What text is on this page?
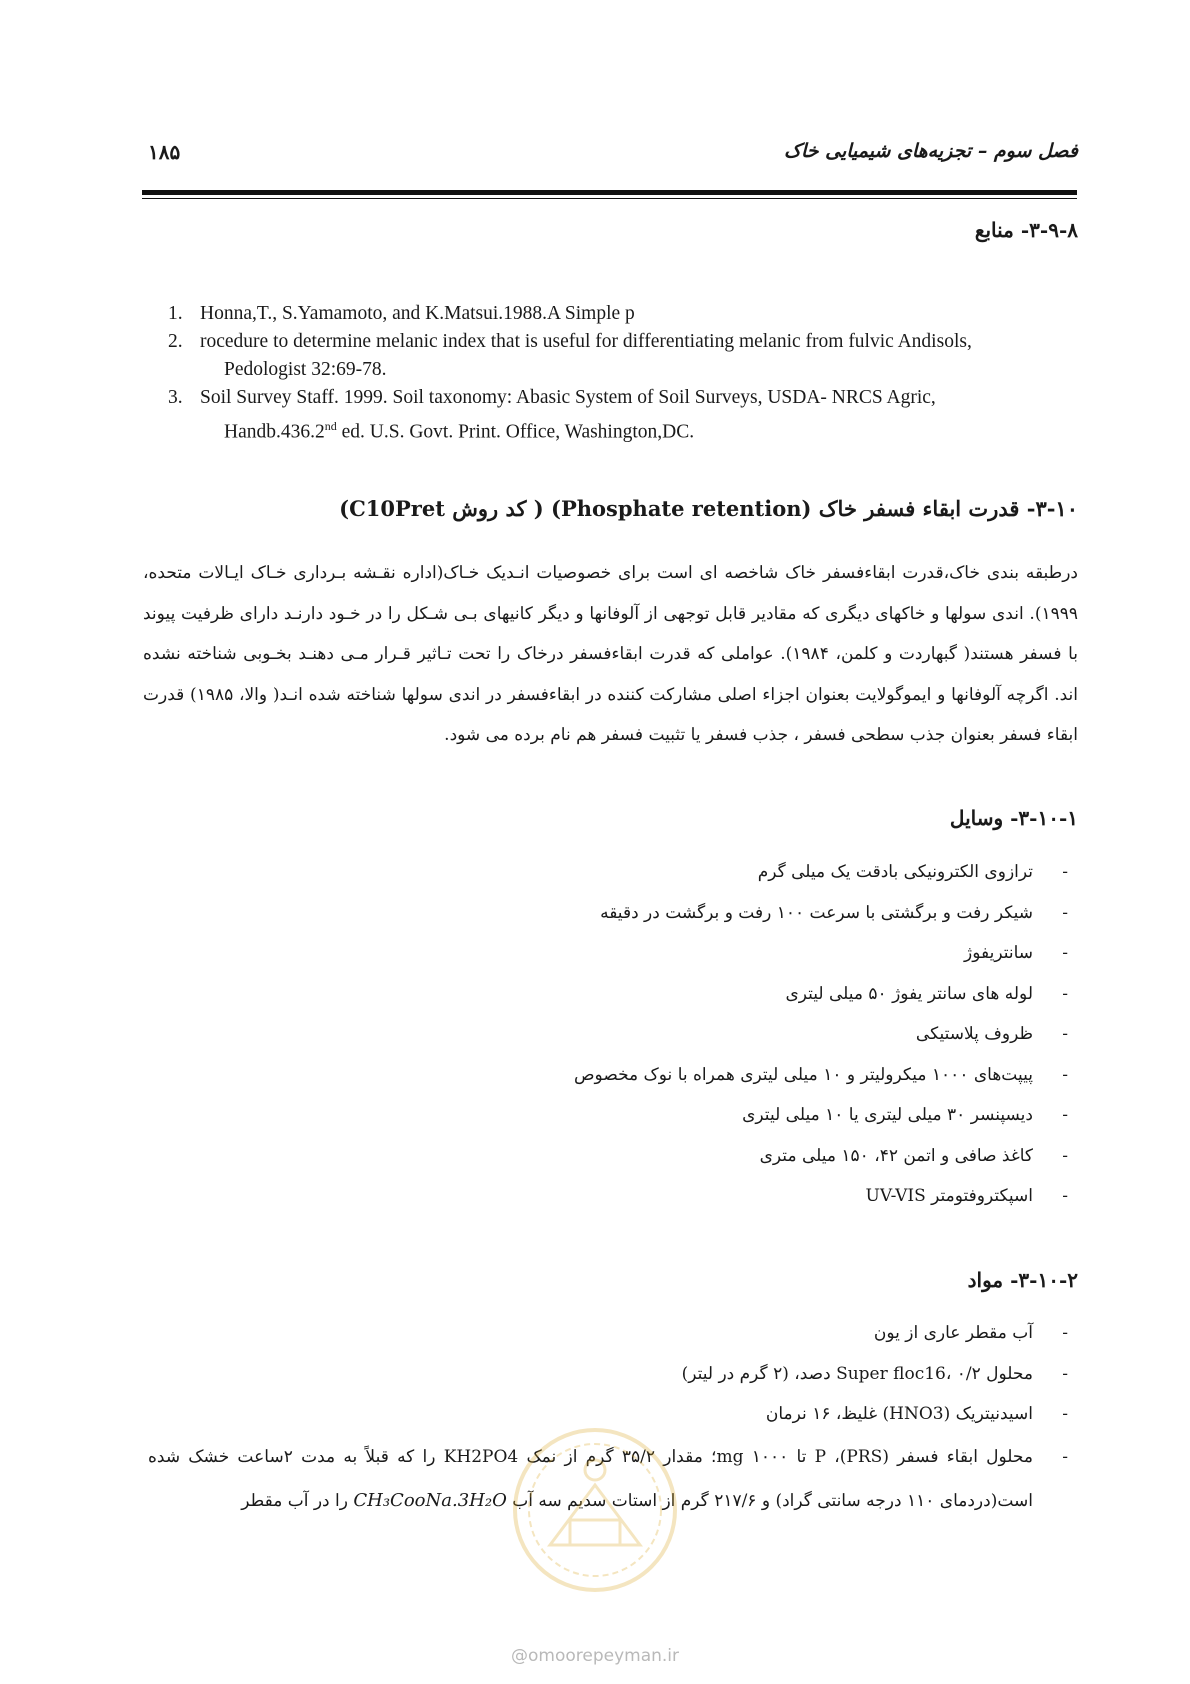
فصل سوم – تجزیه‌های شیمیایی خاک
۱۸۵
۳-۹-۸- منابع
1. Honna,T., S.Yamamoto, and K.Matsui.1988.A Simple p
2. rocedure to determine melanic index that is useful for differentiating melanic from fulvic Andisols,
Pedologist 32:69-78.
3. Soil Survey Staff. 1999. Soil taxonomy: Abasic System of Soil Surveys, USDA- NRCS Agric,
Handb.436.2nd ed. U.S. Govt. Print. Office, Washington,DC.
۳-۱۰- قدرت ابقاء فسفر خاک (Phosphate retention) ( کد روش C10Pret)

درطبقه بندی خاک،قدرت ابقاءفسفر خاک شاخصه ای است برای خصوصیات انـدیک خـاک(اداره نقـشه بـرداری خـاک ایـالات متحده، ۱۹۹۹). اندی سولها و خاکهای دیگری که مقادیر قابل توجهی از آلوفانها و دیگر کانیهای بـی شـکل را در خـود دارنـد دارای ظرفیت پیوند با فسفر هستند( گبهاردت و کلمن، ۱۹۸۴). عواملی که قدرت ابقاءفسفر درخاک را تحت تـاثیر قـرار مـی دهنـد بخـوبی شناخته نشده اند. اگرچه آلوفانها و ایموگولایت بعنوان اجزاء اصلی مشارکت کننده در ابقاءفسفر در اندی سولها شناخته شده انـد( والا، ۱۹۸۵) قدرت ابقاء فسفر بعنوان جذب سطحی فسفر ، جذب فسفر یا تثبیت فسفر هم نام برده می شود.

۳-۱۰-۱- وسایل
-
ترازوی الکترونیکی بادقت یک میلی گرم
-
شیکر رفت و برگشتی با سرعت ۱۰۰ رفت و برگشت در دقیقه
-
سانتریفوژ
-
لوله های سانتر یفوژ ۵۰ میلی لیتری
-
ظروف پلاستیکی
-
پیپت‌های ۱۰۰۰ میکرولیتر و ۱۰ میلی لیتری همراه با نوک مخصوص
-
دیسپنسر ۳۰ میلی لیتری یا ۱۰ میلی لیتری
-
کاغذ صافی و اتمن ۴۲، ۱۵۰ میلی متری
-
اسپکتروفتومتر UV-VIS
۳-۱۰-۲- مواد
-
آب مقطر عاری از یون
-
محلول Super floc16، ۰/۲ دصد، (۲ گرم در لیتر)
-
اسیدنیتریک (HNO3) غلیظ، ۱۶ نرمان
-
محلول ابقاء فسفر (PRS)، P تا mg ۱۰۰۰؛ مقدار ۳۵/۲ گرم از نمک KH2PO4 را که قبلاً به مدت ۲ساعت خشک شده است(دردمای ۱۱۰ درجه سانتی گراد) و ۲۱۷/۶ گرم از استات سدیم سه آب CH₃CooNa.3H₂O را در آب مقطر
@omoorepeyman.ir
